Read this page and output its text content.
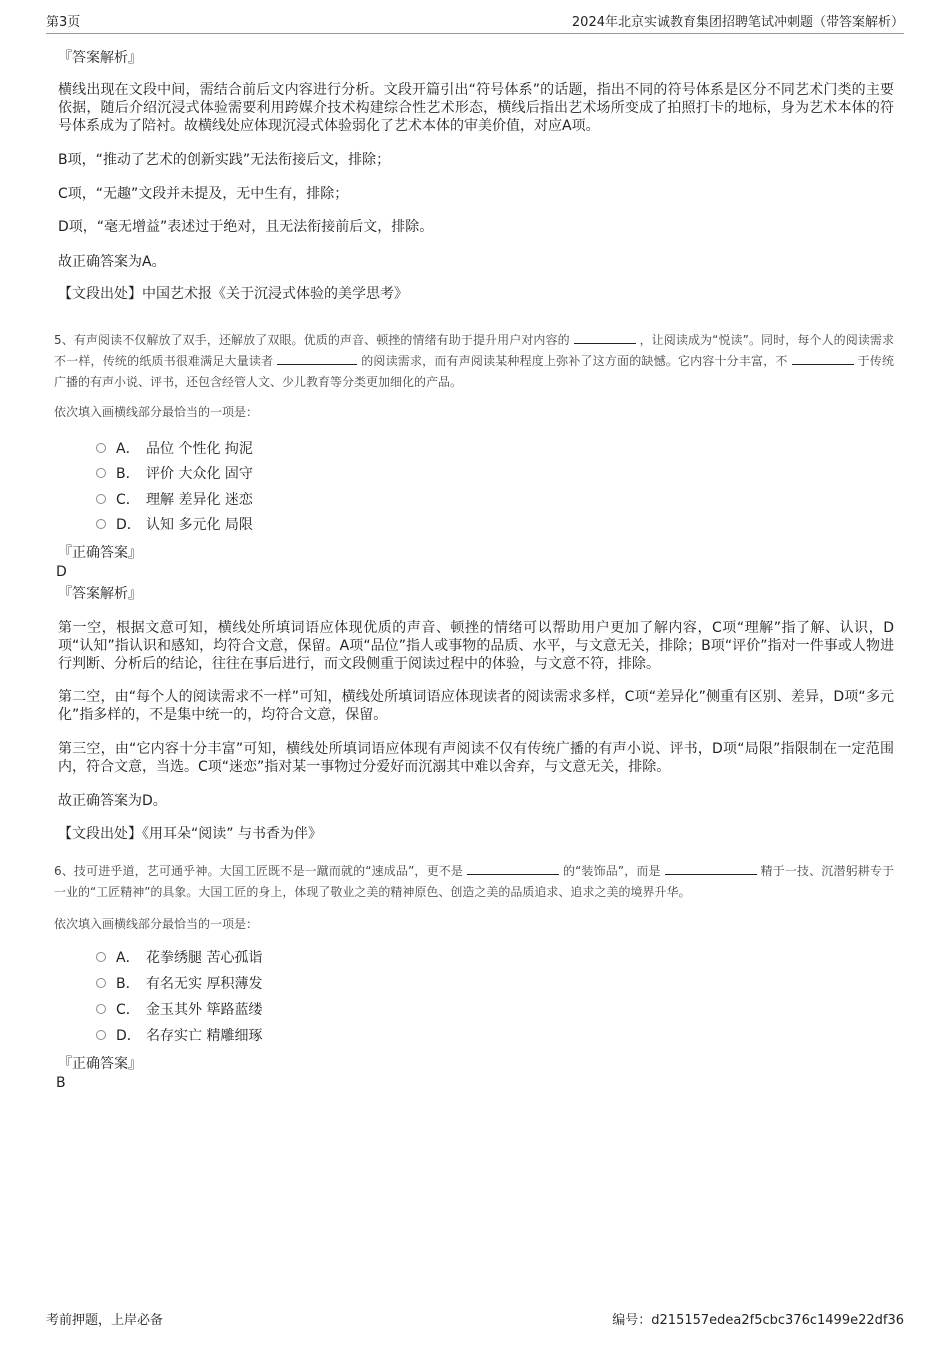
第3页	2024年北京实诚教育集团招聘笔试冲刺题（带答案解析）
『答案解析』
横线出现在文段中间，需结合前后文内容进行分析。文段开篇引出“符号体系”的话题，指出不同的符号体系是区分不同艺术门类的主要依据，随后介绍沉浸式体验需要利用跨媒介技术构建综合性艺术形态，横线后指出艺术场所变成了拍照打卡的地标，身为艺术本体的符号体系成为了陪衬。故横线处应体现沉浸式体验弱化了艺术本体的审美价值，对应A项。
B项，“推动了艺术的创新实践”无法衔接后文，排除；
C项，“无趣”文段并未提及，无中生有，排除；
D项，“毫无增益”表述过于绝对，且无法衔接前后文，排除。
故正确答案为A。
【文段出处】中国艺术报《关于沉浸式体验的美学思考》
5、有声阅读不仅解放了双手，还解放了双眼。优质的声音、顿挫的情绪有助于提升用户对内容的	，让阅读成为“悦读”。同时，每个人的阅读需求不一样，传统的纸质书很难满足大量读者	的阅读需求，而有声阅读某种程度上弥补了这方面的缺憾。它内容十分丰富，不	于传统广播的有声小说、评书，还包含经管人文、少儿教育等分类更加细化的产品。
依次填入画横线部分最恰当的一项是：
A． 品位 个性化 拘泥
B． 评价 大众化 固守
C． 理解 差异化 迷恋
D． 认知 多元化 局限
『正确答案』
D
『答案解析』
第一空，根据文意可知，横线处所填词语应体现优质的声音、顿挫的情绪可以帮助用户更加了解内容，C项“理解”指了解、认识，D项“认知”指认识和感知，均符合文意，保留。A项“品位”指人或事物的品质、水平，与文意无关，排除；B项“评价”指对一件事或人物进行判断、分析后的结论，往往在事后进行，而文段侧重于阅读过程中的体验，与文意不符，排除。
第二空，由“每个人的阅读需求不一样”可知，横线处所填词语应体现读者的阅读需求多样，C项“差异化”侧重有区别、差异，D项“多元化”指多样的，不是集中统一的，均符合文意，保留。
第三空，由“它内容十分丰富”可知，横线处所填词语应体现有声阅读不仅有传统广播的有声小说、评书，D项“局限”指限制在一定范围内，符合文意，当选。C项“迷恋”指对某一事物过分爱好而沉溺其中难以舍弃，与文意无关，排除。
故正确答案为D。
【文段出处】《用耳朵“阅读” 与书香为伴》
6、技可进乎道，艺可通乎神。大国工匠既不是一蹴而就的“速成品”，更不是	的“装饰品”，而是	精于一技、沉潜躬耕专于一业的“工匠精神”的具象。大国工匠的身上，体现了敬业之美的精神原色、创造之美的品质追求、追求之美的境界升华。
依次填入画横线部分最恰当的一项是：
A． 花拳绣腿 苦心孤诣
B． 有名无实 厚积薄发
C． 金玉其外 筚路蓝缕
D． 名存实亡 精雕细琢
『正确答案』
B
考前押题，上岸必备	编号：d215157edea2f5cbc376c1499e22df36
